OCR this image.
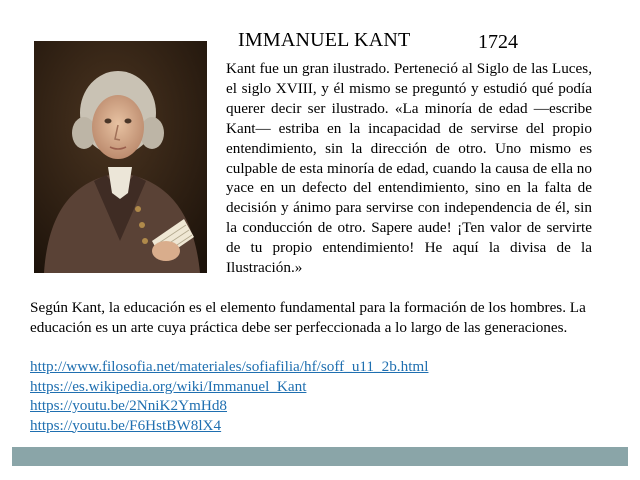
IMMANUEL KANT	1724
Kant fue un gran ilustrado. Perteneció al Siglo de las Luces, el siglo XVIII, y él mismo se preguntó y estudió qué podía querer decir ser ilustrado. «La minoría de edad —escribe Kant— estriba en la incapacidad de servirse del propio entendimiento, sin la dirección de otro. Uno mismo es culpable de esta minoría de edad, cuando la causa de ella no yace en un defecto del entendimiento, sino en la falta de decisión y ánimo para servirse con independencia de él, sin la conducción de otro. Sapere aude! ¡Ten valor de servirte de tu propio entendimiento! He aquí la divisa de la Ilustración.»
Según Kant, la educación es el elemento fundamental para la formación de los hombres. La educación es un arte cuya práctica debe ser perfeccionada a lo largo de las generaciones.
http://www.filosofia.net/materiales/sofiafilia/hf/soff_u11_2b.html
https://es.wikipedia.org/wiki/Immanuel_Kant
https://youtu.be/2NniK2YmHd8
https://youtu.be/F6HstBW8lX4
